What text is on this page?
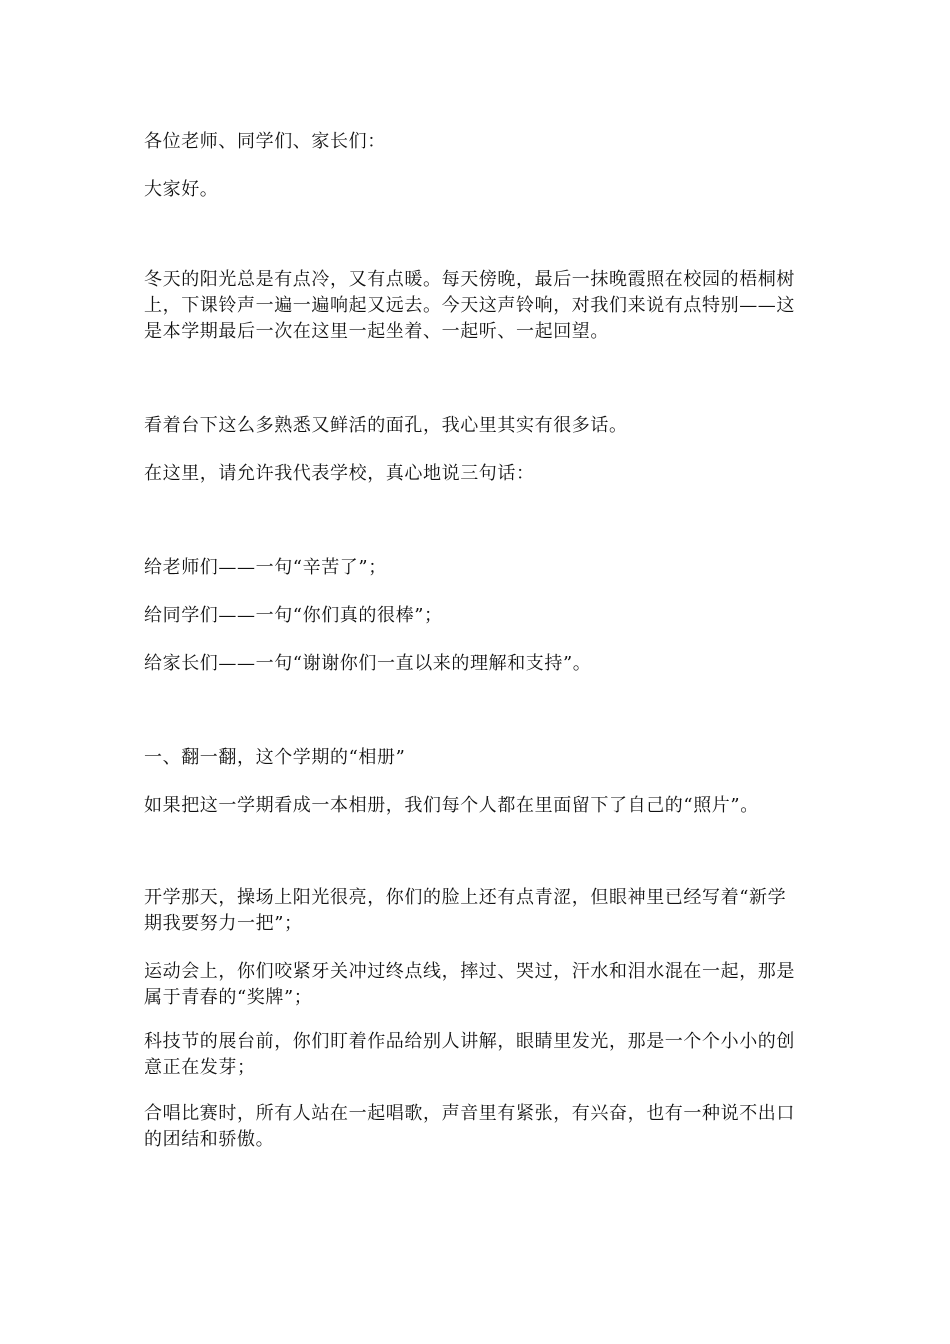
各位老师、同学们、家长们：

大家好。

冬天的阳光总是有点冷，又有点暖。每天傍晚，最后一抹晚霞照在校园的梧桐树上，下课铃声一遍一遍响起又远去。今天这声铃响，对我们来说有点特别——这是本学期最后一次在这里一起坐着、一起听、一起回望。

看着台下这么多熟悉又鲜活的面孔，我心里其实有很多话。

在这里，请允许我代表学校，真心地说三句话：

给老师们——一句“辛苦了”；

给同学们——一句“你们真的很棒”；

给家长们——一句“谢谢你们一直以来的理解和支持”。

一、翻一翻，这个学期的“相册”

如果把这一学期看成一本相册，我们每个人都在里面留下了自己的“照片”。

开学那天，操场上阳光很亮，你们的脸上还有点青涩，但眼神里已经写着“新学期我要努力一把”；

运动会上，你们咬紧牙关冲过终点线，摔过、哭过，汗水和泪水混在一起，那是属于青春的“奖牌”；

科技节的展台前，你们盯着作品给别人讲解，眼睛里发光，那是一个个小小的创意正在发芽；

合唱比赛时，所有人站在一起唱歌，声音里有紧张，有兴奋，也有一种说不出口的团结和骄傲。
